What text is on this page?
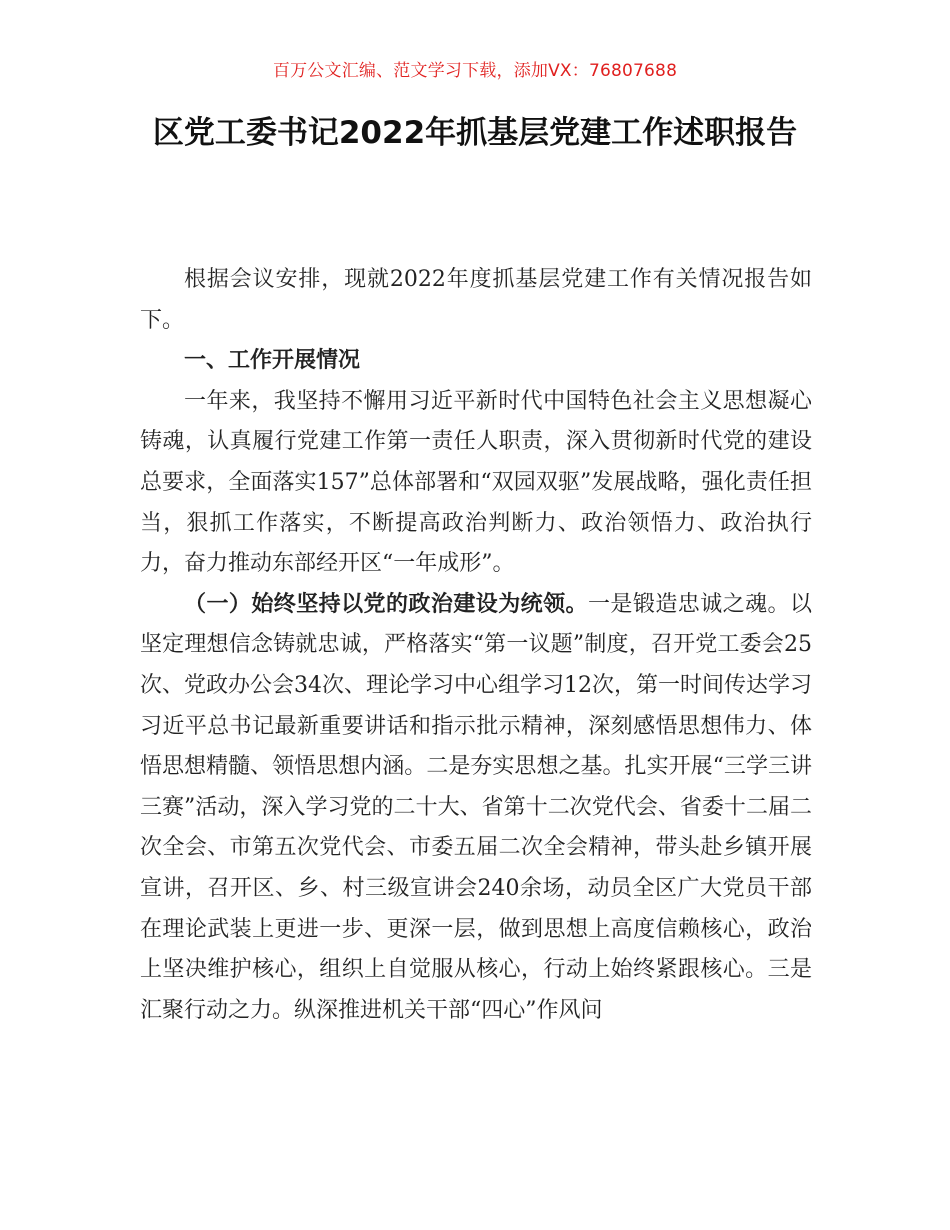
百万公文汇编、范文学习下载，添加VX：76807688
区党工委书记2022年抓基层党建工作述职报告

根据会议安排，现就2022年度抓基层党建工作有关情况报告如下。

一、工作开展情况

一年来，我坚持不懈用习近平新时代中国特色社会主义思想凝心铸魂，认真履行党建工作第一责任人职责，深入贯彻新时代党的建设总要求，全面落实157”总体部署和“双园双驱”发展战略，强化责任担当，狠抓工作落实，不断提高政治判断力、政治领悟力、政治执行力，奋力推动东部经开区“一年成形”。

（一）始终坚持以党的政治建设为统领。一是锻造忠诚之魂。以坚定理想信念铸就忠诚，严格落实“第一议题”制度，召开党工委会25次、党政办公会34次、理论学习中心组学习12次，第一时间传达学习习近平总书记最新重要讲话和指示批示精神，深刻感悟思想伟力、体悟思想精髓、领悟思想内涵。二是夯实思想之基。扎实开展“三学三讲三赛”活动，深入学习党的二十大、省第十二次党代会、省委十二届二次全会、市第五次党代会、市委五届二次全会精神，带头赴乡镇开展宣讲，召开区、乡、村三级宣讲会240余场，动员全区广大党员干部在理论武装上更进一步、更深一层，做到思想上高度信赖核心，政治上坚决维护核心，组织上自觉服从核心，行动上始终紧跟核心。三是汇聚行动之力。纵深推进机关干部“四心”作风问
